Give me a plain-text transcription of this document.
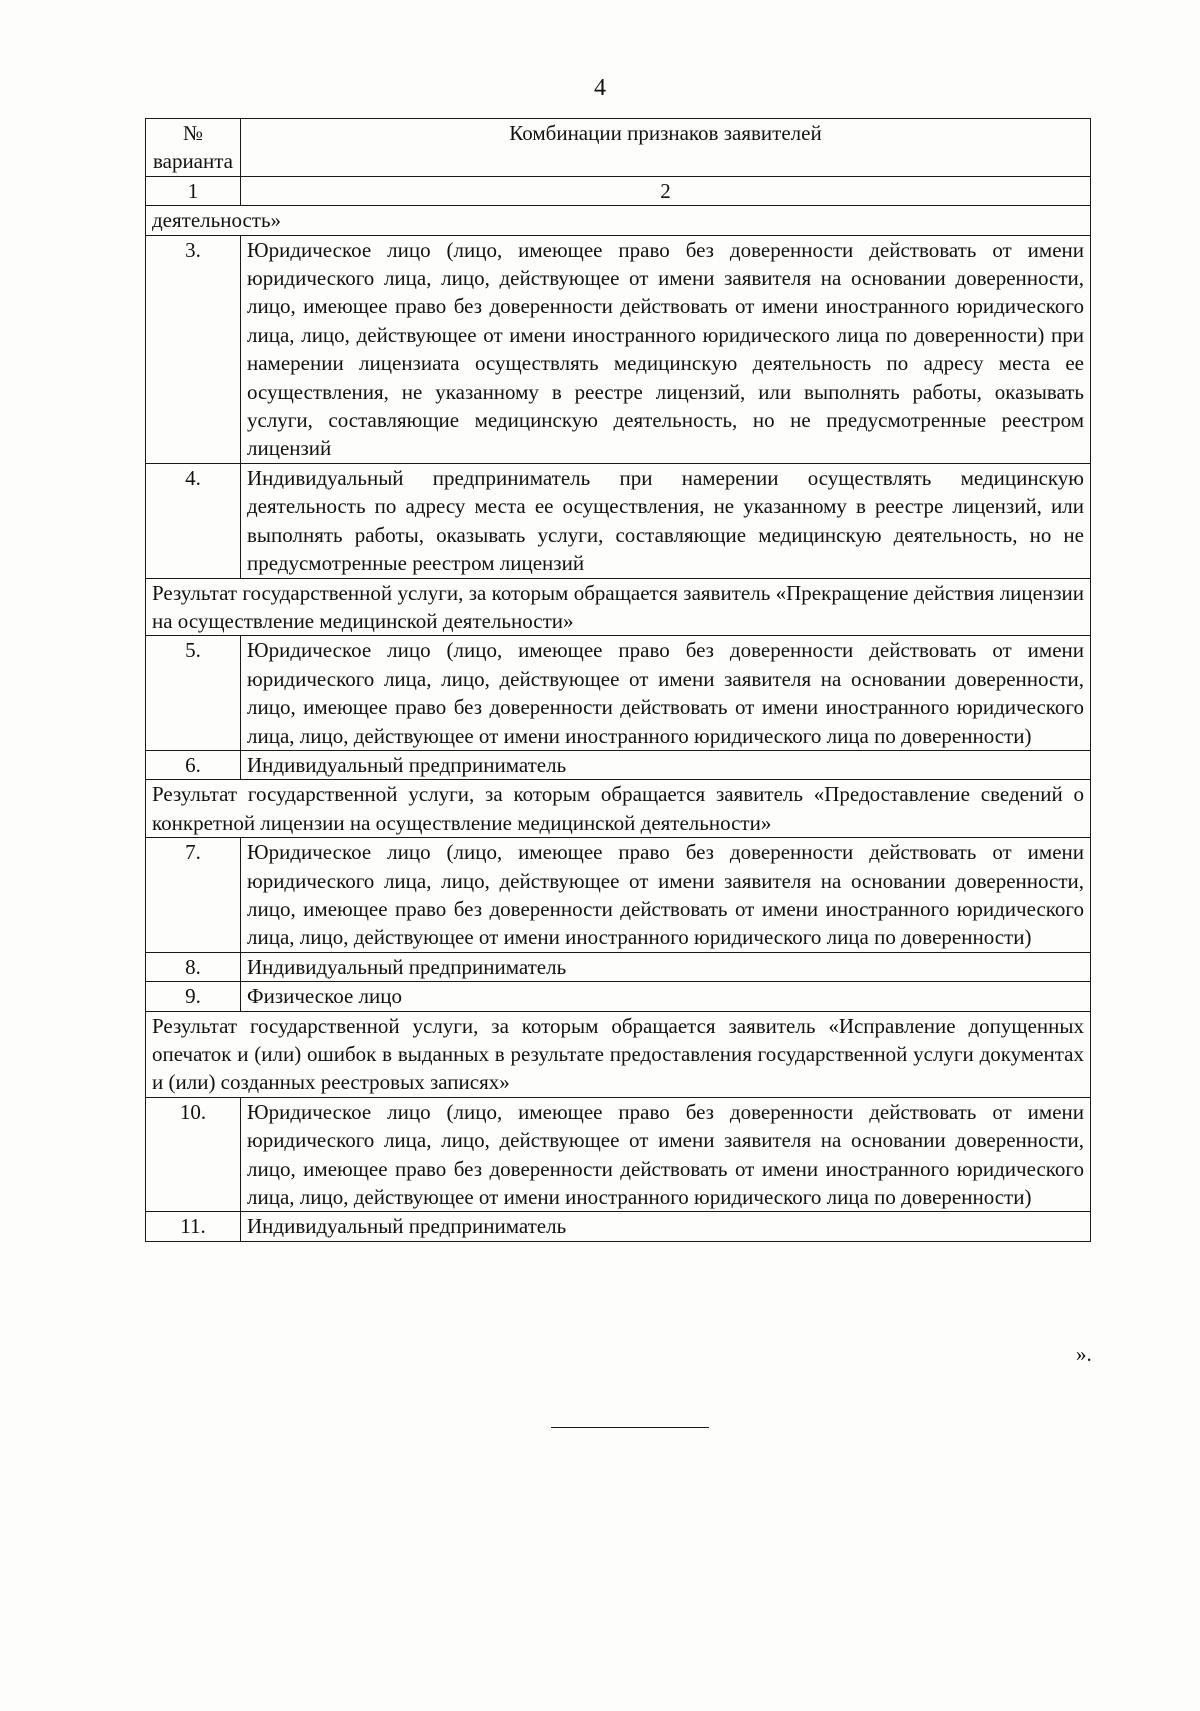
4
№ варианта	Комбинации признаков заявителей
1	2
деятельность»	
3.	Юридическое лицо (лицо, имеющее право без доверенности действовать от имени юридического лица, лицо, действующее от имени заявителя на основании доверенности, лицо, имеющее право без доверенности действовать от имени иностранного юридического лица, лицо, действующее от имени иностранного юридического лица по доверенности) при намерении лицензиата осуществлять медицинскую деятельность по адресу места ее осуществления, не указанному в реестре лицензий, или выполнять работы, оказывать услуги, составляющие медицинскую деятельность, но не предусмотренные реестром лицензий
4.	Индивидуальный предприниматель при намерении осуществлять медицинскую деятельность по адресу места ее осуществления, не указанному в реестре лицензий, или выполнять работы, оказывать услуги, составляющие медицинскую деятельность, но не предусмотренные реестром лицензий
Результат государственной услуги, за которым обращается заявитель «Прекращение действия лицензии на осуществление медицинской деятельности»	
5.	Юридическое лицо (лицо, имеющее право без доверенности действовать от имени юридического лица, лицо, действующее от имени заявителя на основании доверенности, лицо, имеющее право без доверенности действовать от имени иностранного юридического лица, лицо, действующее от имени иностранного юридического лица по доверенности)
6.	Индивидуальный предприниматель
Результат государственной услуги, за которым обращается заявитель «Предоставление сведений о конкретной лицензии на осуществление медицинской деятельности»	
7.	Юридическое лицо (лицо, имеющее право без доверенности действовать от имени юридического лица, лицо, действующее от имени заявителя на основании доверенности, лицо, имеющее право без доверенности действовать от имени иностранного юридического лица, лицо, действующее от имени иностранного юридического лица по доверенности)
8.	Индивидуальный предприниматель
9.	Физическое лицо
Результат государственной услуги, за которым обращается заявитель «Исправление допущенных опечаток и (или) ошибок в выданных в результате предоставления государственной услуги документах и (или) созданных реестровых записях»	
10.	Юридическое лицо (лицо, имеющее право без доверенности действовать от имени юридического лица, лицо, действующее от имени заявителя на основании доверенности, лицо, имеющее право без доверенности действовать от имени иностранного юридического лица, лицо, действующее от имени иностранного юридического лица по доверенности)
11.	Индивидуальный предприниматель
».
